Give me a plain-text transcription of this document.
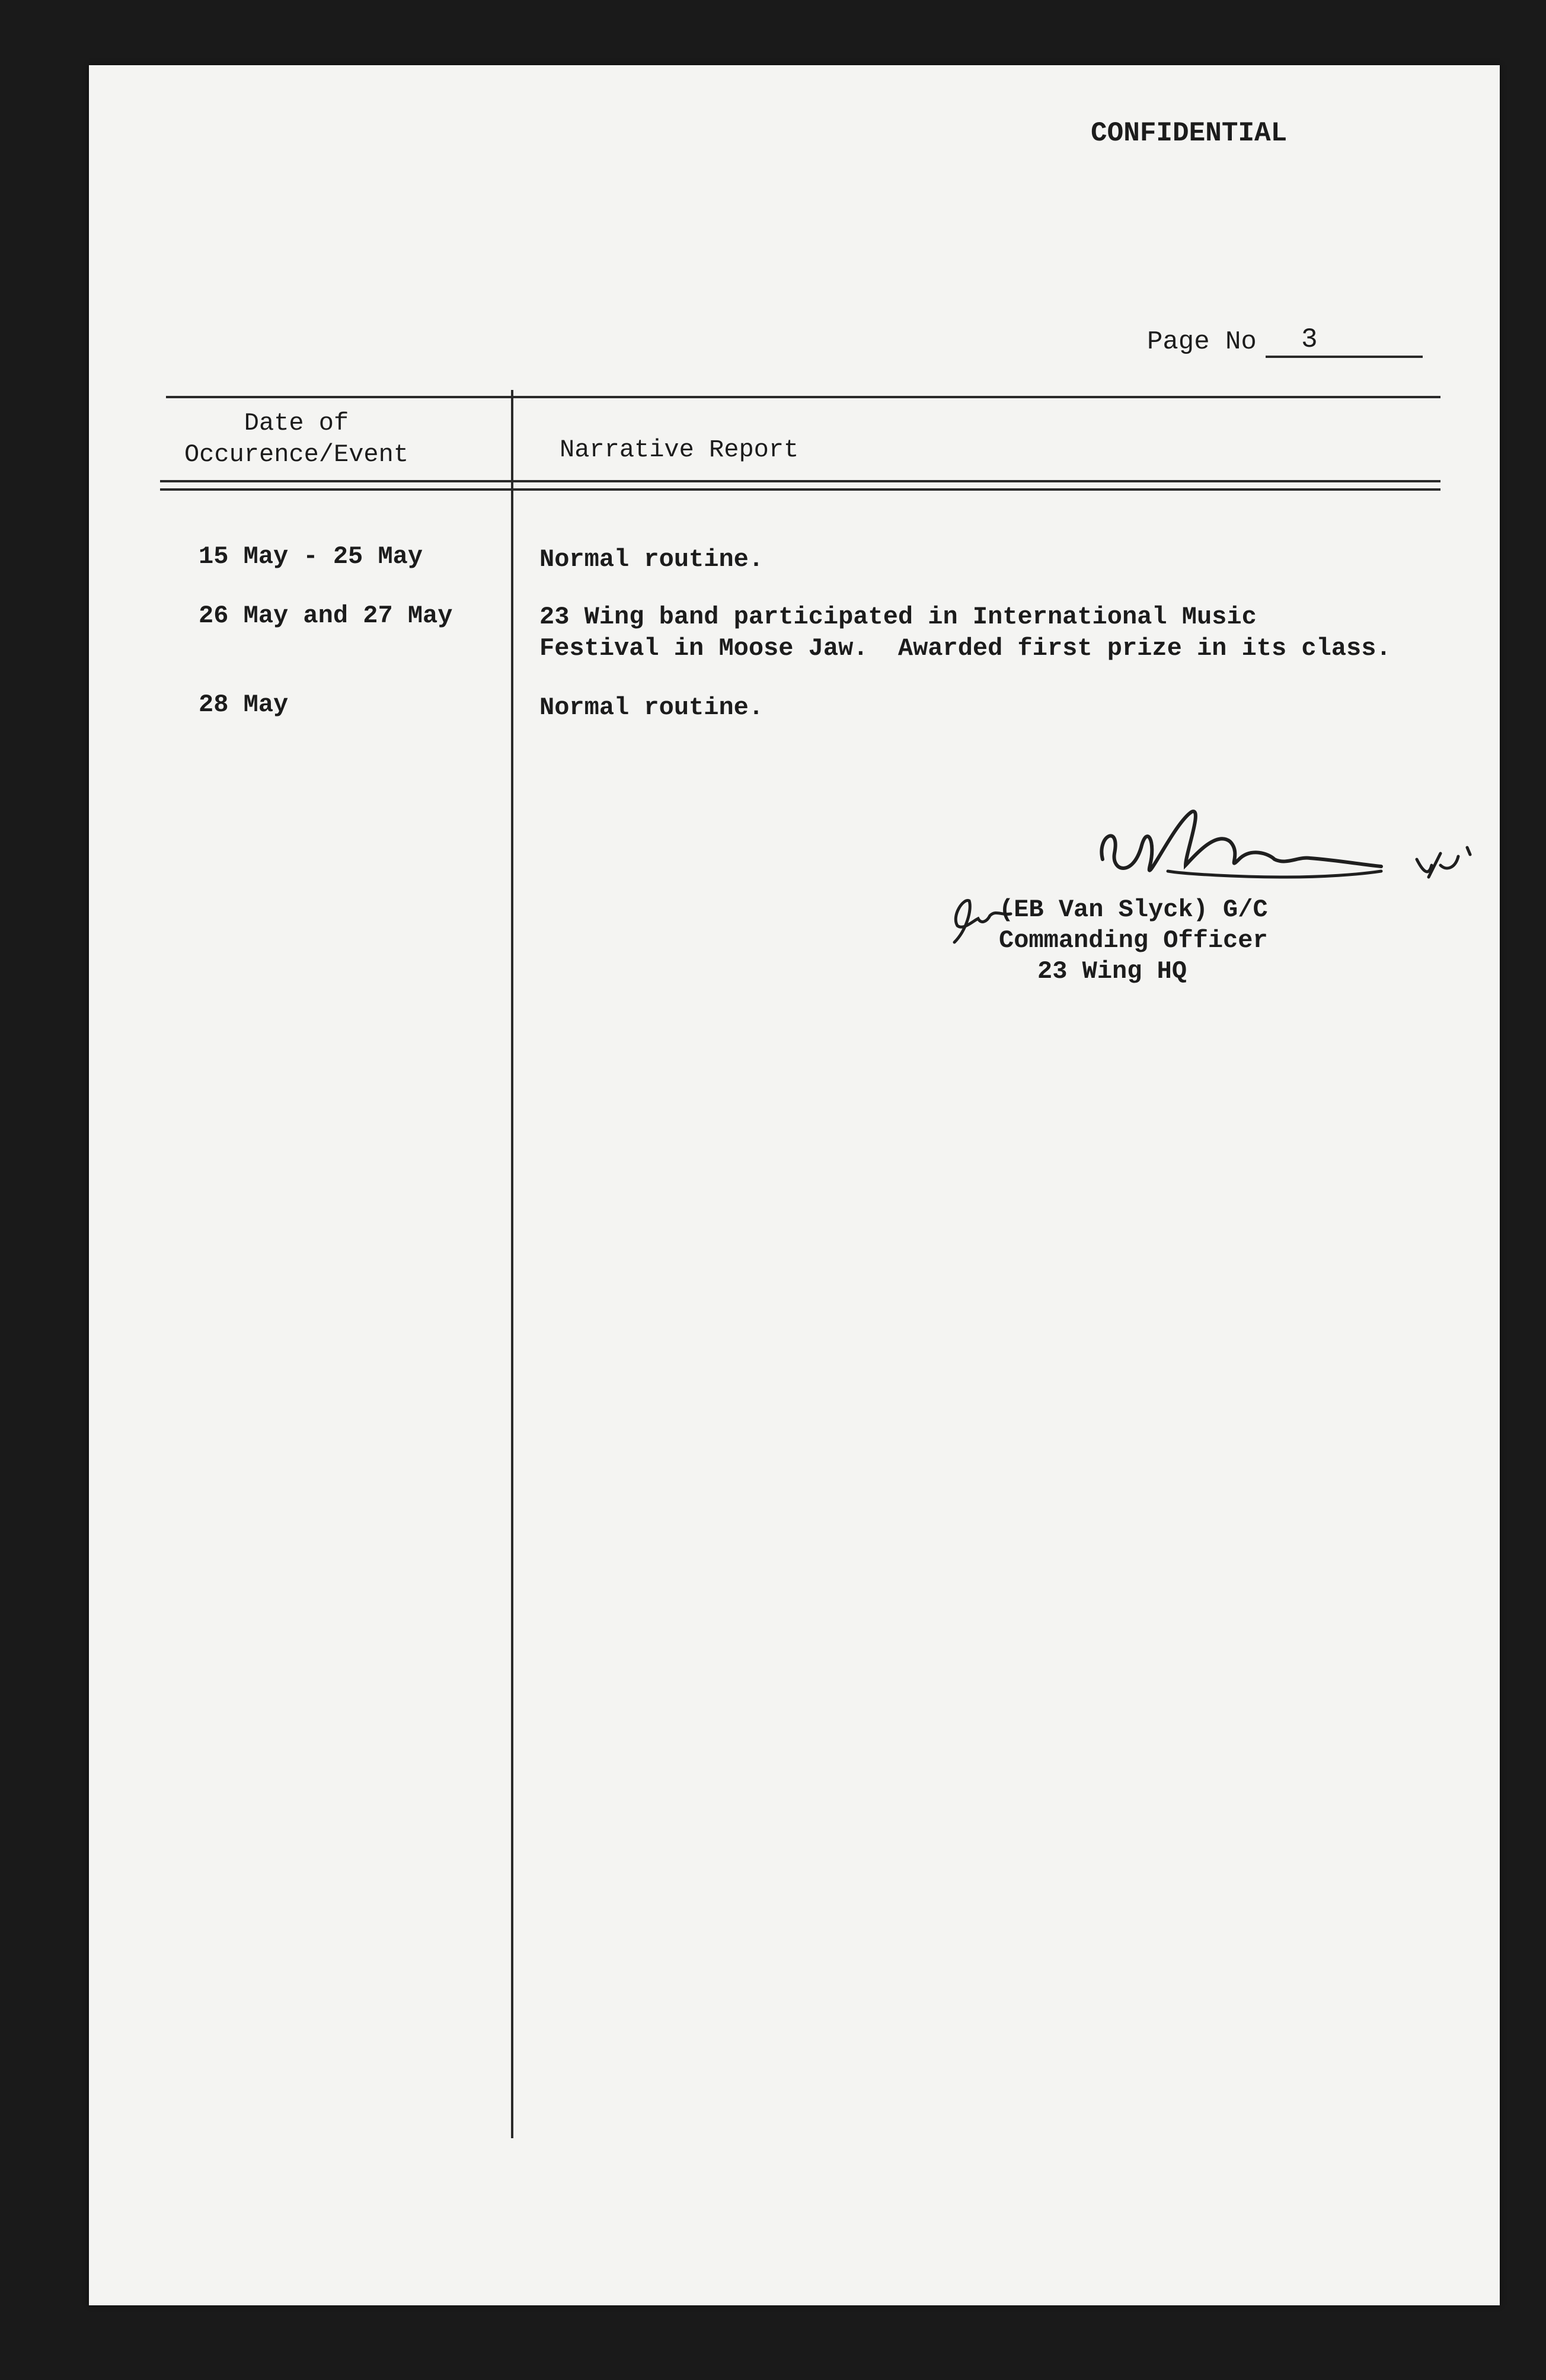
CONFIDENTIAL
Page No 3
Date of
Occurence/Event	Narrative Report
15 May - 25 May	Normal routine.
26 May and 27 May	23 Wing band participated in International Music
Festival in Moose Jaw.  Awarded first prize in its class.
28 May	Normal routine.
(EB Van Slyck) G/C
Commanding Officer
23 Wing HQ
